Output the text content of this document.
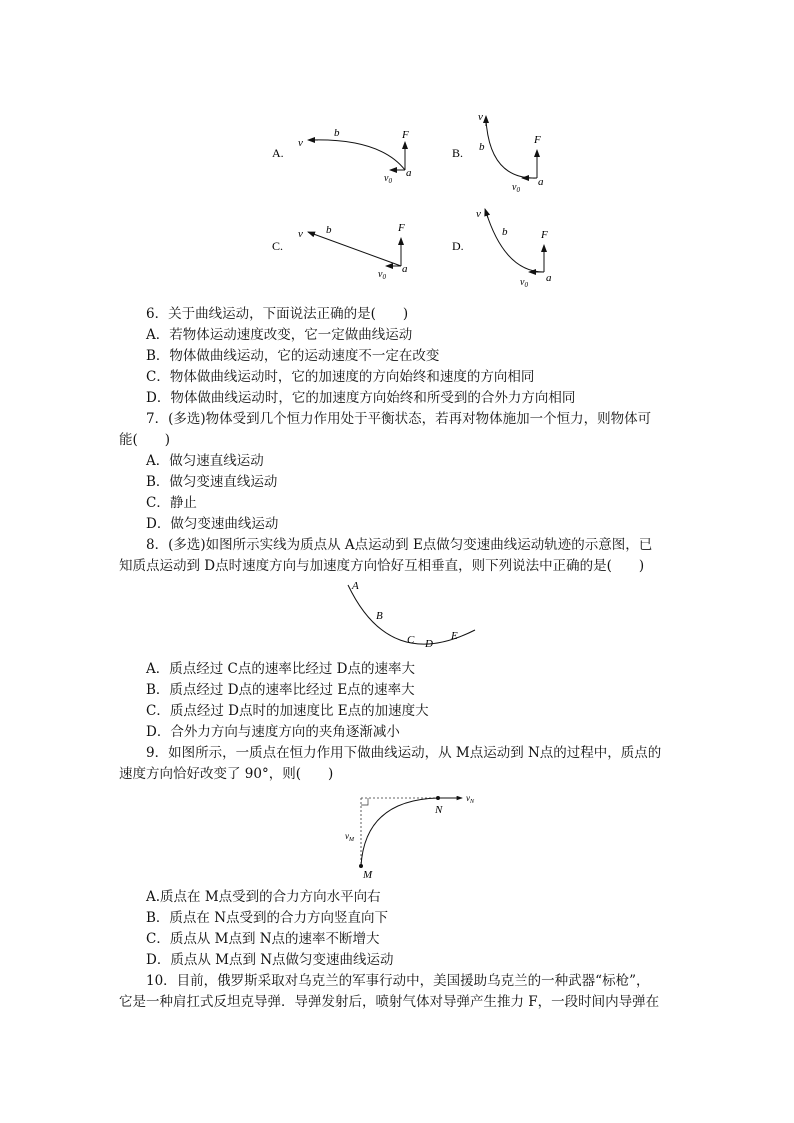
A.
v
b	F
$v_0$
a
B.
v
b
F
$v_0$
a
C.
v b	F
$v_0$
a
D.
v
b	F
$v_0$
a
6．关于曲线运动，下面说法正确的是(　　)
A．若物体运动速度改变，它一定做曲线运动
B．物体做曲线运动，它的运动速度不一定在改变
C．物体做曲线运动时，它的加速度的方向始终和速度的方向相同
D．物体做曲线运动时，它的加速度方向始终和所受到的合外力方向相同
7．(多选)物体受到几个恒力作用处于平衡状态，若再对物体施加一个恒力，则物体可
能(　　)
A．做匀速直线运动
B．做匀变速直线运动
C．静止
D．做匀变速曲线运动
8．(多选)如图所示实线为质点从 A点运动到 E点做匀变速曲线运动轨迹的示意图，已
知质点运动到 D点时速度方向与加速度方向恰好互相垂直，则下列说法中正确的是(　　)
A
B
C D
E
A．质点经过 C点的速率比经过 D点的速率大
B．质点经过 D点的速率比经过 E点的速率大
C．质点经过 D点时的加速度比 E点的加速度大
D．合外力方向与速度方向的夹角逐渐减小
9．如图所示，一质点在恒力作用下做曲线运动，从 M点运动到 N点的过程中，质点的
速度方向恰好改变了 90°，则(　　)
$v_N$
$v_M$
N
M
A.质点在 M点受到的合力方向水平向右
B．质点在 N点受到的合力方向竖直向下
C．质点从 M点到 N点的速率不断增大
D．质点从 M点到 N点做匀变速曲线运动
10．目前，俄罗斯采取对乌克兰的军事行动中，美国援助乌克兰的一种武器“标枪”，
它是一种肩扛式反坦克导弹．导弹发射后，喷射气体对导弹产生推力 F，一段时间内导弹在
